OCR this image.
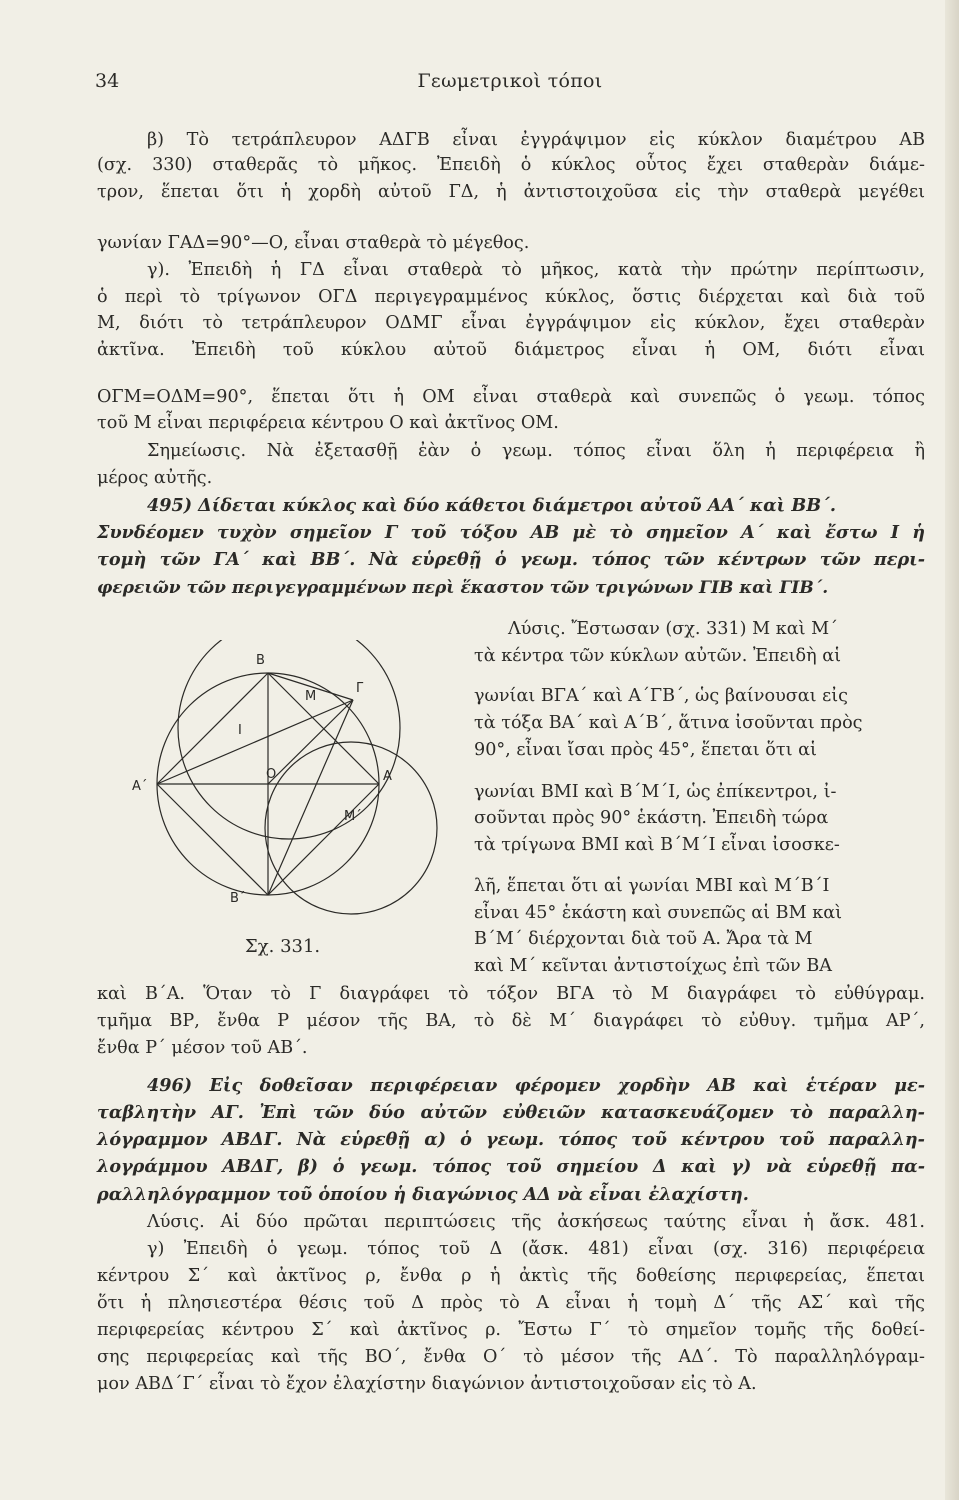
34	Γεωμετρικοὶ τόποι
β) Τὸ τετράπλευρον ΑΔΓΒ εἶναι ἐγγράψιμον εἰς κύκλον διαμέτρου ΑΒ
(σχ. 330) σταθερᾶς τὸ μῆκος. Ἐπειδὴ ὁ κύκλος οὗτος ἔχει σταθερὰν διάμε-
τρον, ἕπεται ὅτι ἡ χορδὴ αὐτοῦ ΓΔ, ἡ ἀντιστοιχοῦσα εἰς τὴν σταθερὰ μεγέθει
γωνίαν ΓΑΔ=90°—Ο, εἶναι σταθερὰ τὸ μέγεθος.
γ). Ἐπειδὴ ἡ ΓΔ εἶναι σταθερὰ τὸ μῆκος, κατὰ τὴν πρώτην περίπτωσιν,
ὁ περὶ τὸ τρίγωνον ΟΓΔ περιγεγραμμένος κύκλος, ὅστις διέρχεται καὶ διὰ τοῦ
Μ, διότι τὸ τετράπλευρον ΟΔΜΓ εἶναι ἐγγράψιμον εἰς κύκλον, ἔχει σταθερὰν
ἀκτῖνα. Ἐπειδὴ τοῦ κύκλου αὐτοῦ διάμετρος εἶναι ἡ ΟΜ, διότι εἶναι
ΟΓΜ=ΟΔΜ=90°, ἕπεται ὅτι ἡ ΟΜ εἶναι σταθερὰ καὶ συνεπῶς ὁ γεωμ. τόπος
τοῦ Μ εἶναι περιφέρεια κέντρου Ο καὶ ἀκτῖνος ΟΜ.
Σημείωσις. Νὰ ἐξετασθῇ ἐὰν ὁ γεωμ. τόπος εἶναι ὅλη ἡ περιφέρεια ἢ
μέρος αὐτῆς.
495) Δίδεται κύκλος καὶ δύο κάθετοι διάμετροι αὐτοῦ ΑΑ΄ καὶ ΒΒ΄.
Συνδέομεν τυχὸν σημεῖον Γ τοῦ τόξου ΑΒ μὲ τὸ σημεῖον Α΄ καὶ ἔστω Ι ἡ
τομὴ τῶν ΓΑ΄ καὶ ΒΒ΄. Νὰ εὑρεθῇ ὁ γεωμ. τόπος τῶν κέντρων τῶν περι-
φερειῶν τῶν περιγεγραμμένων περὶ ἕκαστον τῶν τριγώνων ΓΙΒ καὶ ΓΙΒ΄.
Λύσις. Ἔστωσαν (σχ. 331) Μ καὶ Μ΄
τὰ κέντρα τῶν κύκλων αὐτῶν. Ἐπειδὴ αἱ
γωνίαι ΒΓΑ΄ καὶ Α΄ΓΒ΄, ὡς βαίνουσαι εἰς
τὰ τόξα ΒΑ΄ καὶ Α΄Β΄, ἅτινα ἰσοῦνται πρὸς
90°, εἶναι ἴσαι πρὸς 45°, ἕπεται ὅτι αἱ
γωνίαι ΒΜΙ καὶ Β΄Μ΄Ι, ὡς ἐπίκεντροι, ἰ-
σοῦνται πρὸς 90° ἑκάστη. Ἐπειδὴ τώρα
τὰ τρίγωνα ΒΜΙ καὶ Β΄Μ΄Ι εἶναι ἰσοσκε-
λῆ, ἕπεται ὅτι αἱ γωνίαι ΜΒΙ καὶ Μ΄Β΄Ι
εἶναι 45° ἑκάστη καὶ συνεπῶς αἱ ΒΜ καὶ
Β΄Μ΄ διέρχονται διὰ τοῦ Α. Ἄρα τὰ Μ
καὶ Μ΄ κεῖνται ἀντιστοίχως ἐπὶ τῶν ΒΑ
καὶ Β΄Α. Ὅταν τὸ Γ διαγράφει τὸ τόξον ΒΓΑ τὸ Μ διαγράφει τὸ εὐθύγραμ.
τμῆμα ΒΡ, ἔνθα Ρ μέσον τῆς ΒΑ, τὸ δὲ Μ΄ διαγράφει τὸ εὐθυγ. τμῆμα ΑΡ΄,
ἔνθα Ρ΄ μέσον τοῦ ΑΒ΄.
496) Εἰς δοθεῖσαν περιφέρειαν φέρομεν χορδὴν ΑΒ καὶ ἑτέραν με-
ταβλητὴν ΑΓ. Ἐπὶ τῶν δύο αὐτῶν εὐθειῶν κατασκευάζομεν τὸ παραλλη-
λόγραμμον ΑΒΔΓ. Νὰ εὑρεθῇ α) ὁ γεωμ. τόπος τοῦ κέντρου τοῦ παραλλη-
λογράμμου ΑΒΔΓ, β) ὁ γεωμ. τόπος τοῦ σημείου Δ καὶ γ) νὰ εὑρεθῇ πα-
ραλληλόγραμμον τοῦ ὁποίου ἡ διαγώνιος ΑΔ νὰ εἶναι ἐλαχίστη.
Λύσις. Αἱ δύο πρῶται περιπτώσεις τῆς ἀσκήσεως ταύτης εἶναι ἡ ἄσκ. 481.
γ) Ἐπειδὴ ὁ γεωμ. τόπος τοῦ Δ (ἄσκ. 481) εἶναι (σχ. 316) περιφέρεια
κέντρου Σ΄ καὶ ἀκτῖνος ρ, ἔνθα ρ ἡ ἀκτὶς τῆς δοθείσης περιφερείας, ἕπεται
ὅτι ἡ πλησιεστέρα θέσις τοῦ Δ πρὸς τὸ Α εἶναι ἡ τομὴ Δ΄ τῆς ΑΣ΄ καὶ τῆς
περιφερείας κέντρου Σ΄ καὶ ἀκτῖνος ρ. Ἔστω Γ΄ τὸ σημεῖον τομῆς τῆς δοθεί-
σης περιφερείας καὶ τῆς ΒΟ΄, ἔνθα Ο΄ τὸ μέσον τῆς ΑΔ΄. Τὸ παραλληλόγραμ-
μον ΑΒΔ΄Γ΄ εἶναι τὸ ἔχον ἐλαχίστην διαγώνιον ἀντιστοιχοῦσαν εἰς τὸ Α.
Β
Γ
Μ
Ι
Α΄
Ο	Α
Μ΄
Β΄
Σχ. 331.
